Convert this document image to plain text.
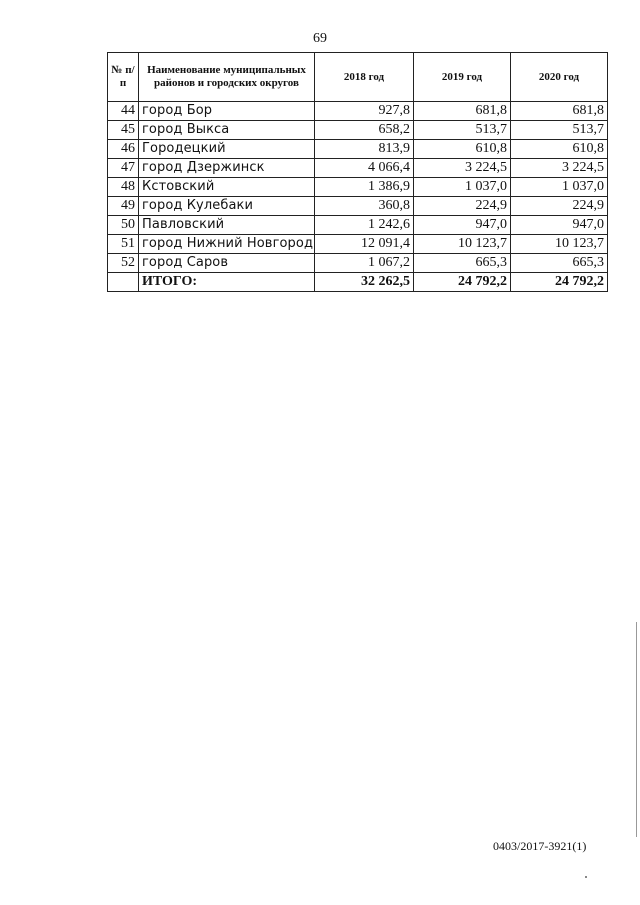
69
№ п/п	Наименование муниципальных районов и городских округов	2018 год	2019 год	2020 год
44	город Бор	927,8	681,8	681,8
45	город Выкса	658,2	513,7	513,7
46	Городецкий	813,9	610,8	610,8
47	город Дзержинск	4 066,4	3 224,5	3 224,5
48	Кстовский	1 386,9	1 037,0	1 037,0
49	город Кулебаки	360,8	224,9	224,9
50	Павловский	1 242,6	947,0	947,0
51	город Нижний Новгород	12 091,4	10 123,7	10 123,7
52	город Саров	1 067,2	665,3	665,3
	ИТОГО:	32 262,5	24 792,2	24 792,2
0403/2017-3921(1)
